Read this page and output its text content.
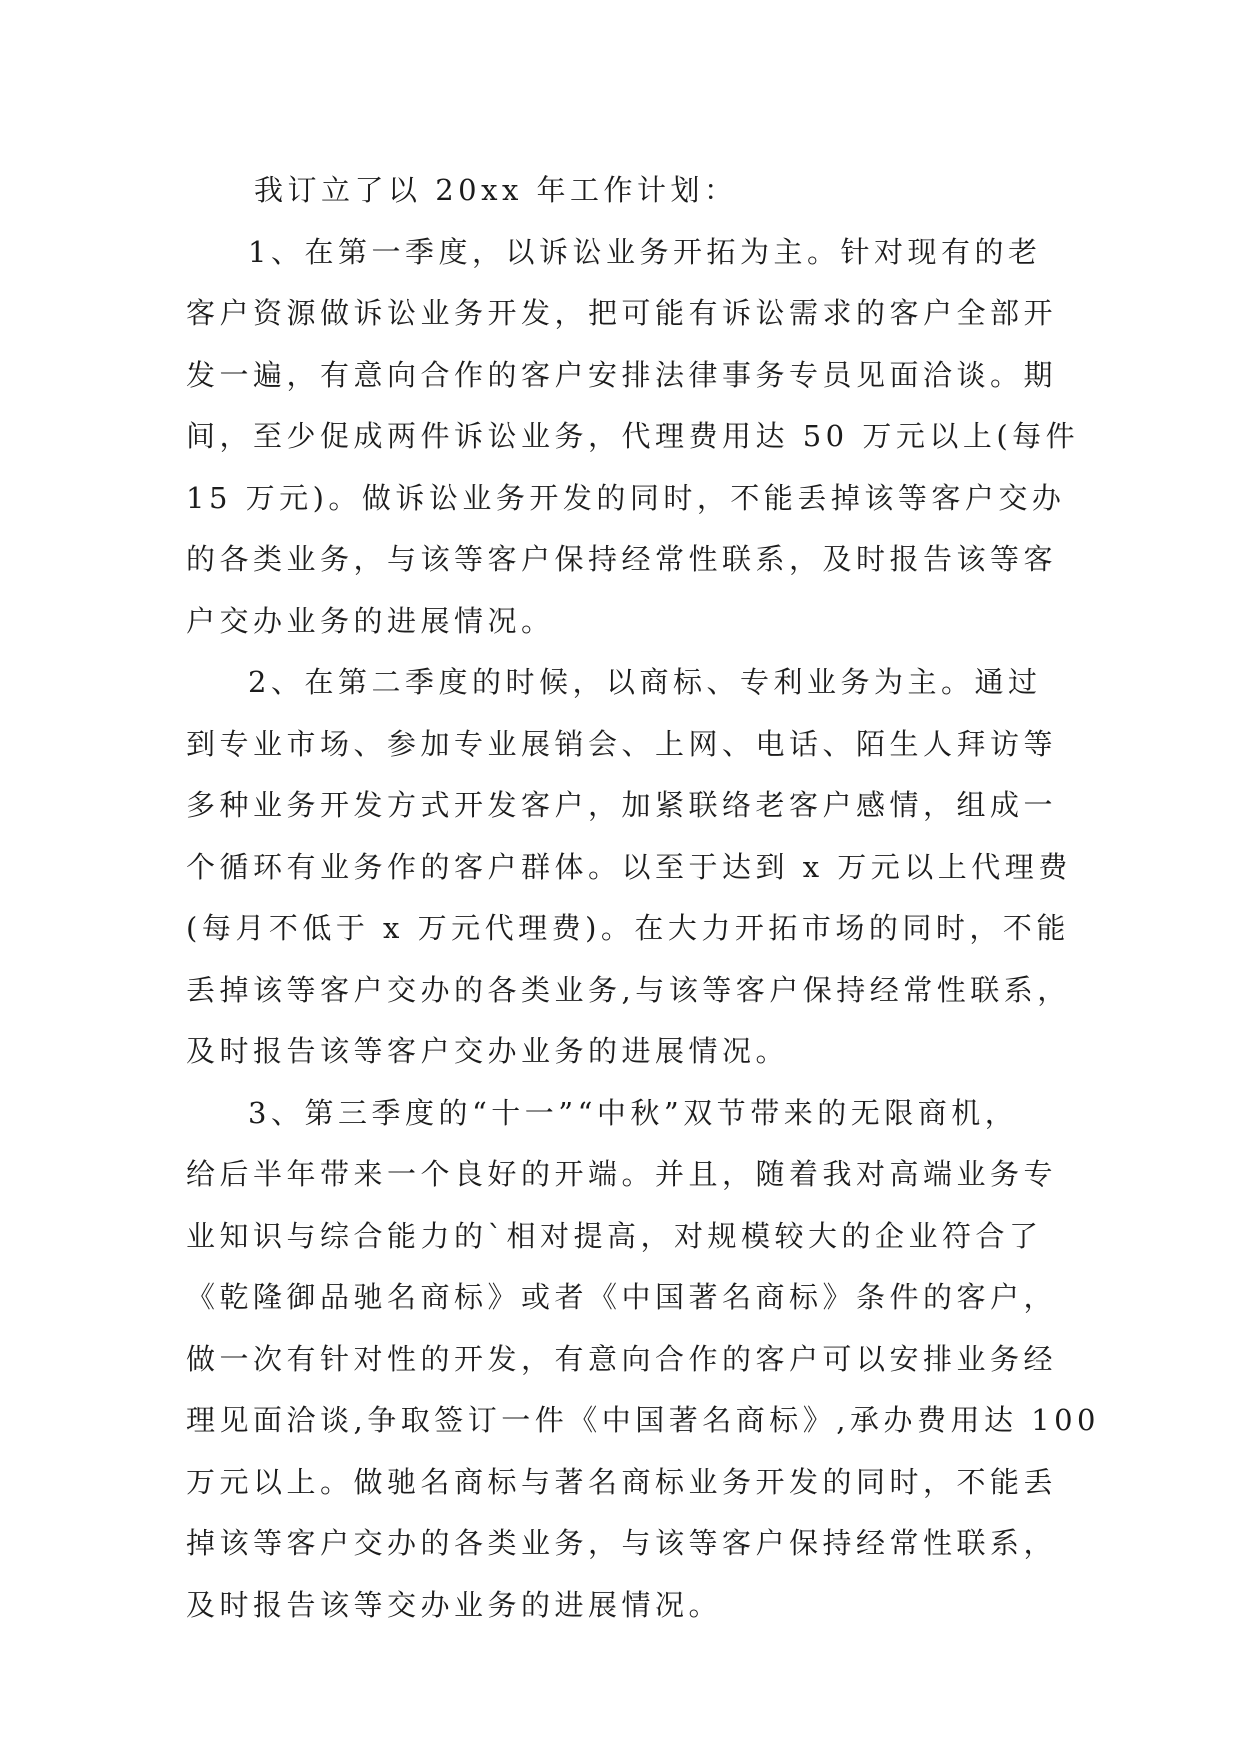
我订立了以 20xx 年工作计划：
1、在第一季度，以诉讼业务开拓为主。针对现有的老
客户资源做诉讼业务开发，把可能有诉讼需求的客户全部开
发一遍，有意向合作的客户安排法律事务专员见面洽谈。期
间，至少促成两件诉讼业务，代理费用达 50 万元以上(每件
15 万元)。做诉讼业务开发的同时，不能丢掉该等客户交办
的各类业务，与该等客户保持经常性联系，及时报告该等客
户交办业务的进展情况。
2、在第二季度的时候，以商标、专利业务为主。通过
到专业市场、参加专业展销会、上网、电话、陌生人拜访等
多种业务开发方式开发客户，加紧联络老客户感情，组成一
个循环有业务作的客户群体。以至于达到 x 万元以上代理费
(每月不低于 x 万元代理费)。在大力开拓市场的同时，不能
丢掉该等客户交办的各类业务,与该等客户保持经常性联系，
及时报告该等客户交办业务的进展情况。
3、第三季度的“十一”“中秋”双节带来的无限商机，
给后半年带来一个良好的开端。并且，随着我对高端业务专
业知识与综合能力的`相对提高，对规模较大的企业符合了
《乾隆御品驰名商标》或者《中国著名商标》条件的客户，
做一次有针对性的开发，有意向合作的客户可以安排业务经
理见面洽谈,争取签订一件《中国著名商标》,承办费用达 100
万元以上。做驰名商标与著名商标业务开发的同时，不能丢
掉该等客户交办的各类业务，与该等客户保持经常性联系，
及时报告该等交办业务的进展情况。
